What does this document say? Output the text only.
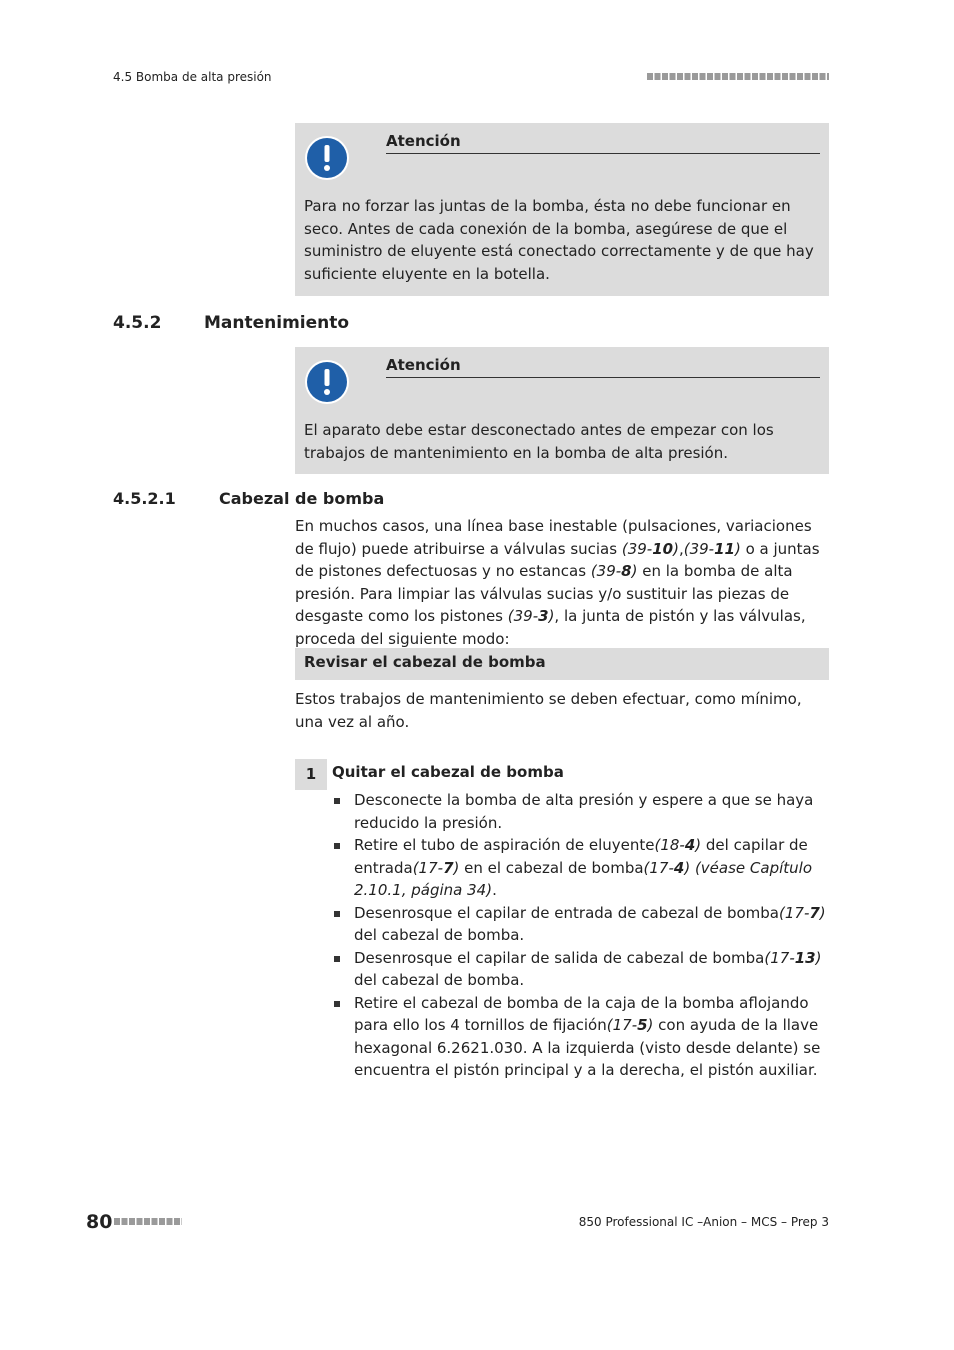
4.5 Bomba de alta presión
Atención
Para no forzar las juntas de la bomba, ésta no debe funcionar en seco. Antes de cada conexión de la bomba, asegúrese de que el suministro de eluyente está conectado correctamente y de que hay suficiente eluyente en la botella.
4.5.2	Mantenimiento
Atención
El aparato debe estar desconectado antes de empezar con los trabajos de mantenimiento en la bomba de alta presión.
4.5.2.1	Cabezal de bomba
En muchos casos, una línea base inestable (pulsaciones, variaciones de flujo) puede atribuirse a válvulas sucias (39-10),(39-11) o a juntas de pistones defectuosas y no estancas (39-8) en la bomba de alta presión. Para limpiar las válvulas sucias y/o sustituir las piezas de desgaste como los pistones (39-3), la junta de pistón y las válvulas, proceda del siguiente modo:
Revisar el cabezal de bomba
Estos trabajos de mantenimiento se deben efectuar, como mínimo, una vez al año.
1	Quitar el cabezal de bomba
Desconecte la bomba de alta presión y espere a que se haya reducido la presión.
Retire el tubo de aspiración de eluyente(18-4) del capilar de entrada(17-7) en el cabezal de bomba(17-4) (véase Capítulo 2.10.1, página 34).
Desenrosque el capilar de entrada de cabezal de bomba(17-7) del cabezal de bomba.
Desenrosque el capilar de salida de cabezal de bomba(17-13) del cabezal de bomba.
Retire el cabezal de bomba de la caja de la bomba aflojando para ello los 4 tornillos de fijación(17-5) con ayuda de la llave hexagonal 6.2621.030. A la izquierda (visto desde delante) se encuentra el pistón principal y a la derecha, el pistón auxiliar.
80	850 Professional IC –Anion – MCS – Prep 3
